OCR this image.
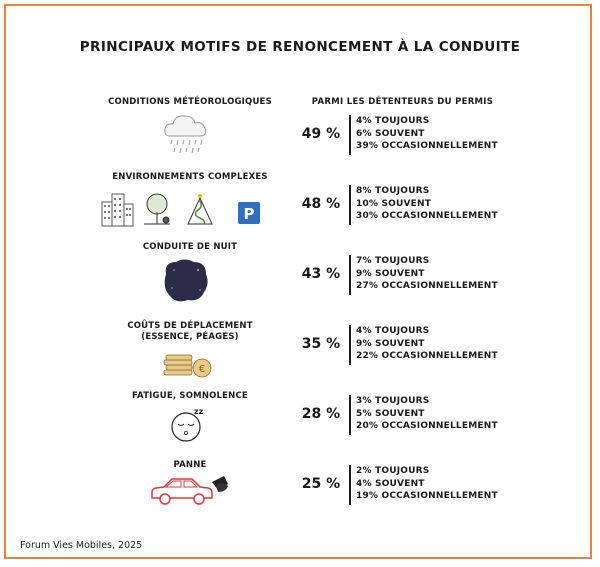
PRINCIPAUX MOTIFS DE RENONCEMENT À LA CONDUITE
PARMI LES DÉTENTEURS DU PERMIS
CONDITIONS MÉTÉOROLOGIQUES
49 %
4% TOUJOURS
6% SOUVENT
39% OCCASIONNELLEMENT
ENVIRONNEMENTS COMPLEXES
P
48 %
8% TOUJOURS
10% SOUVENT
30% OCCASIONNELLEMENT
CONDUITE DE NUIT
43 %
7% TOUJOURS
9% SOUVENT
27% OCCASIONNELLEMENT
COÛTS DE DÉPLACEMENT
(ESSENCE, PÉAGES)
€
35 %
4% TOUJOURS
9% SOUVENT
22% OCCASIONNELLEMENT
FATIGUE, SOMNOLENCE
zz	28 %
3% TOUJOURS
5% SOUVENT
20% OCCASIONNELLEMENT
PANNE
25 %
2% TOUJOURS
4% SOUVENT
19% OCCASIONNELLEMENT
Forum Vies Mobiles, 2025
